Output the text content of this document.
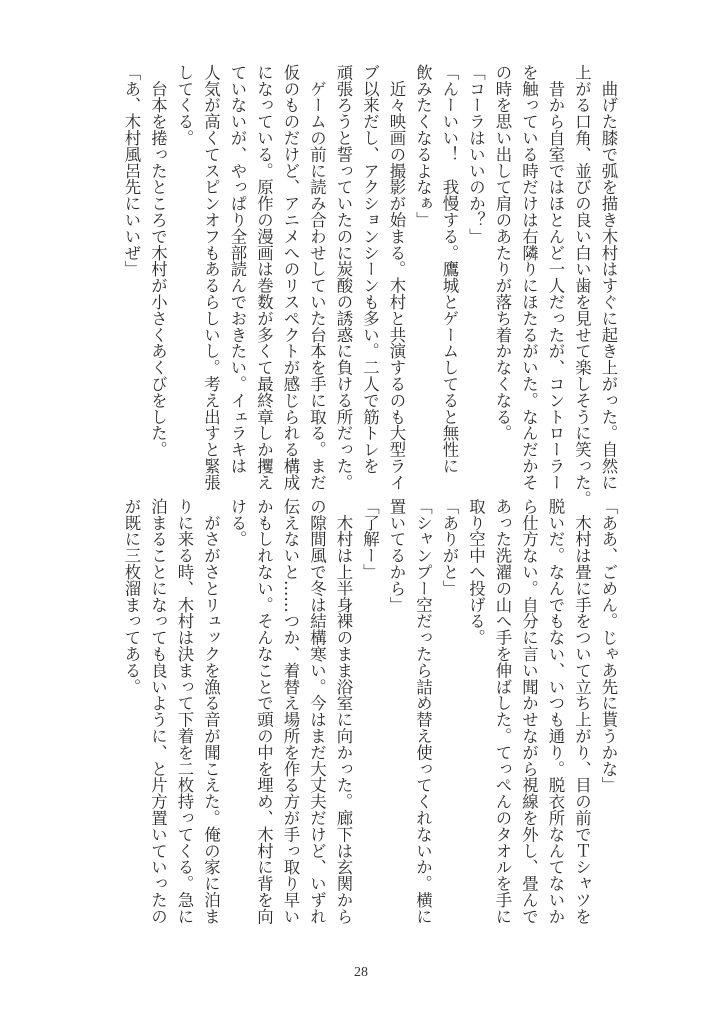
　曲げた膝で弧を描き木村はすぐに起き上がった。自然に
上がる口角、並びの良い白い歯を見せて楽しそうに笑った。
　昔から自室ではほとんど一人だったが、コントローラー
を触っている時だけは右隣りにほたるがいた。なんだかそ
の時を思い出して肩のあたりが落ち着かなくなる。
「コーラはいいのか？」
「んーいい！　我慢する。鷹城とゲームしてると無性に
飲みたくなるよなぁ」
　近々映画の撮影が始まる。木村と共演するのも大型ライ
ブ以来だし、アクションシーンも多い。二人で筋トレを
頑張ろうと誓っていたのに炭酸の誘惑に負ける所だった。
　ゲームの前に読み合わせしていた台本を手に取る。まだ
仮のものだけど、アニメへのリスペクトが感じられる構成
になっている。原作の漫画は巻数が多くて最終章しか攫え
ていないが、やっぱり全部読んでおきたい。イェラキは
人気が高くてスピンオフもあるらしいし。考え出すと緊張
してくる。
　台本を捲ったところで木村が小さくあくびをした。
「あ、木村風呂先にいいぜ」
「ああ、ごめん。じゃあ先に貰うかな」
　木村は畳に手をついて立ち上がり、目の前でＴシャツを
脱いだ。なんでもない、いつも通り。脱衣所なんてないか
ら仕方ない。自分に言い聞かせながら視線を外し、畳んで
あった洗濯の山へ手を伸ばした。てっぺんのタオルを手に
取り空中へ投げる。
「ありがと」
「シャンプー空だったら詰め替え使ってくれないか。横に
置いてるから」
「了解ー」
　木村は上半身裸のまま浴室に向かった。廊下は玄関から
の隙間風で冬は結構寒い。今はまだ大丈夫だけど、いずれ
伝えないと……つか、着替え場所を作る方が手っ取り早い
かもしれない。そんなことで頭の中を埋め、木村に背を向
ける。
　がさがさとリュックを漁る音が聞こえた。俺の家に泊ま
りに来る時、木村は決まって下着を二枚持ってくる。急に
泊まることになっても良いように、と片方置いていったの
が既に三枚溜まってある。
28
